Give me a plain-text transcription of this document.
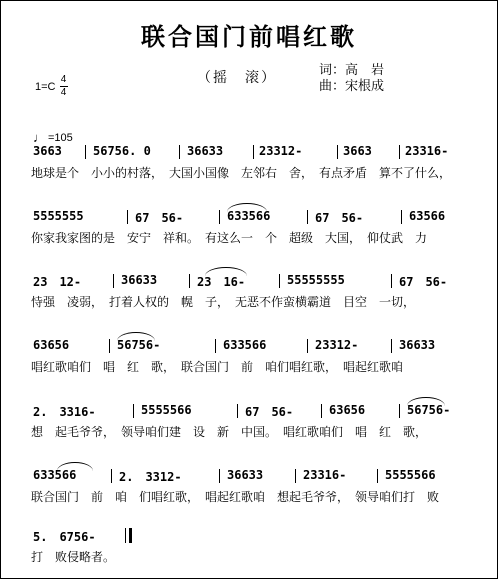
联合国门前唱红歌
1=C
4
4
（摇　滚）	词：高　岩
曲：宋根成
♩ =105
3663	56756. 0	36633	23312-	3663	23316-
地球是个　小小的村落，　大国小国像　左邻右　舍，　有点矛盾　算不了什么，
5555555	67　56-	633566	67　56-	63566
你家我家图的是　安宁　祥和。　有这么一　个　超级　大国，　仰仗武　力
23　12-	36633	23　16-	55555555	67　56-
恃强　凌弱，　打着人权的　幌　子，　无恶不作蛮横霸道　目空　一切，
63656	56756-	633566	23312-	36633
唱红歌咱们　唱　红　歌，　联合国门　前　咱们唱红歌，　唱起红歌咱
2.　3316-	5555566	67　56-	63656	56756-
想　起毛爷爷，　领导咱们建　设　新　中国。　唱红歌咱们　唱　红　歌，
633566	2.　3312-	36633	23316-	5555566
联合国门　前　咱　们唱红歌，　唱起红歌咱　想起毛爷爷，　领导咱们打　败
5.　6756-
打　败侵略者。
